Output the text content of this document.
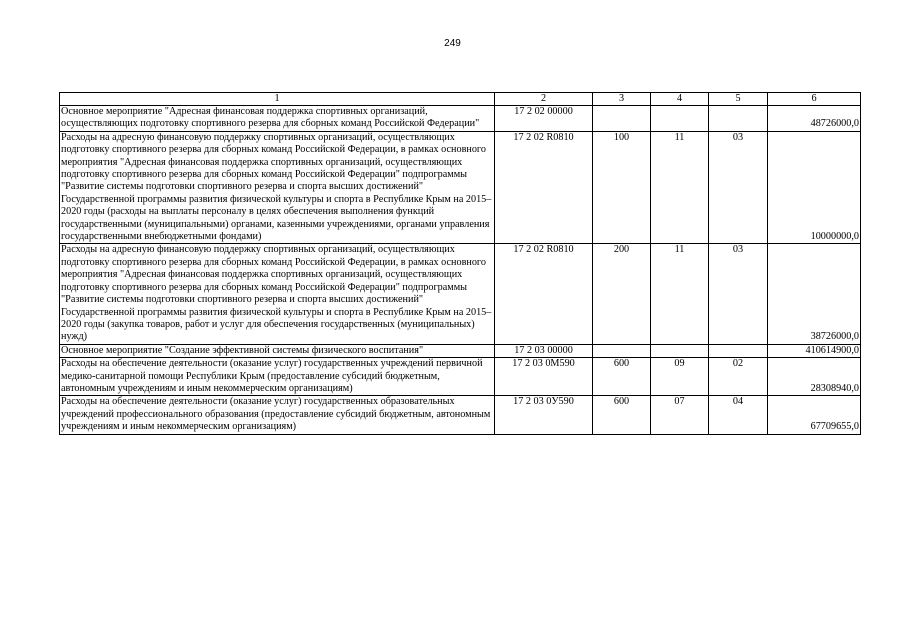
249
1	2	3	4	5	6
Основное мероприятие "Адресная финансовая поддержка спортивных организаций, осуществляющих подготовку спортивного резерва для сборных команд Российской Федерации"	17 2 02 00000				48726000,0
Расходы на адресную финансовую поддержку спортивных организаций, осуществляющих подготовку спортивного резерва для сборных команд Российской Федерации, в рамках основного мероприятия "Адресная финансовая поддержка спортивных организаций, осуществляющих подготовку спортивного резерва для сборных команд Российской Федерации" подпрограммы "Развитие системы подготовки спортивного резерва и спорта высших достижений" Государственной программы развития физической культуры и спорта в Республике Крым на 2015–2020 годы (расходы на выплаты персоналу в целях обеспечения выполнения функций государственными (муниципальными) органами, казенными учреждениями, органами управления государственными внебюджетными фондами)	17 2 02 R0810	100	11	03	10000000,0
Расходы на адресную финансовую поддержку спортивных организаций, осуществляющих подготовку спортивного резерва для сборных команд Российской Федерации, в рамках основного мероприятия "Адресная финансовая поддержка спортивных организаций, осуществляющих подготовку спортивного резерва для сборных команд Российской Федерации" подпрограммы "Развитие системы подготовки спортивного резерва и спорта высших достижений" Государственной программы развития физической культуры и спорта в Республике Крым на 2015–2020 годы (закупка товаров, работ и услуг для обеспечения государственных (муниципальных) нужд)	17 2 02 R0810	200	11	03	38726000,0
Основное мероприятие "Создание эффективной системы физического воспитания"	17 2 03 00000				410614900,0
Расходы на обеспечение деятельности (оказание услуг) государственных учреждений первичной медико-санитарной помощи Республики Крым (предоставление субсидий бюджетным, автономным учреждениям и иным некоммерческим организациям)	17 2 03 0М590	600	09	02	28308940,0
Расходы на обеспечение деятельности (оказание услуг) государственных образовательных учреждений профессионального образования (предоставление субсидий бюджетным, автономным учреждениям и иным некоммерческим организациям)	17 2 03 0У590	600	07	04	67709655,0
